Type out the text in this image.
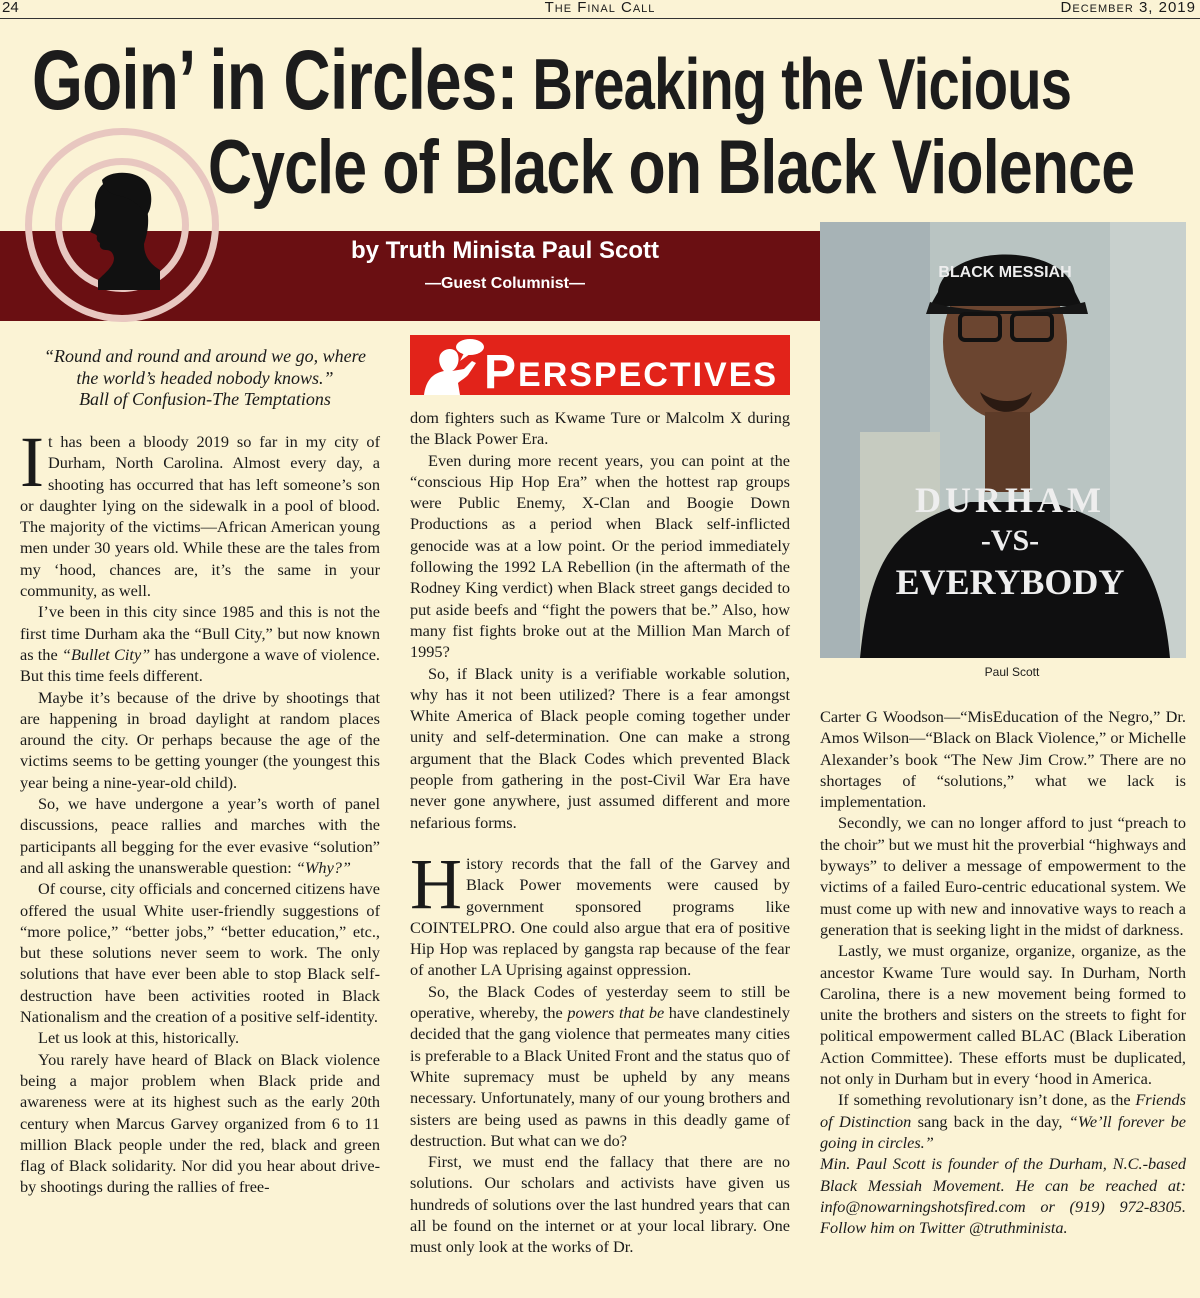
24	The Final Call	December 3, 2019
Goin’ in Circles: Breaking the Vicious
Cycle of Black on Black Violence
by Truth Minista Paul Scott
—Guest Columnist—
BLACK MESSIAH
DURHAM
-VS-
EVERYBODY
Paul Scott
“Round and round and around we go, where
the world’s headed nobody knows.”
Ball of Confusion-The Temptations
PERSPECTIVES

It has been a bloody 2019 so far in my city of Durham, North Carolina. Almost every day, a shooting has occurred that has left someone’s son or daughter lying on the sidewalk in a pool of blood. The majority of the victims—African American young men under 30 years old. While these are the tales from my ‘hood, chances are, it’s the same in your community, as well.

I’ve been in this city since 1985 and this is not the first time Durham aka the “Bull City,” but now known as the “Bullet City” has undergone a wave of violence. But this time feels different.

Maybe it’s because of the drive by shootings that are happening in broad daylight at random places around the city. Or perhaps because the age of the victims seems to be getting younger (the youngest this year being a nine-year-old child).

So, we have undergone a year’s worth of panel discussions, peace rallies and marches with the participants all begging for the ever evasive “solution” and all asking the unanswerable question: “Why?”

Of course, city officials and concerned citizens have offered the usual White user-friendly suggestions of “more police,” “better jobs,” “better education,” etc., but these solutions never seem to work. The only solutions that have ever been able to stop Black self-destruction have been activities rooted in Black Nationalism and the creation of a positive self-identity.

Let us look at this, historically.

You rarely have heard of Black on Black violence being a major problem when Black pride and awareness were at its highest such as the early 20th century when Marcus Garvey organized from 6 to 11 million Black people under the red, black and green flag of Black solidarity. Nor did you hear about drive-by shootings during the rallies of free-

dom fighters such as Kwame Ture or Malcolm X during the Black Power Era.

Even during more recent years, you can point at the “conscious Hip Hop Era” when the hottest rap groups were Public Enemy, X-Clan and Boogie Down Productions as a period when Black self-inflicted genocide was at a low point. Or the period immediately following the 1992 LA Rebellion (in the aftermath of the Rodney King verdict) when Black street gangs decided to put aside beefs and “fight the powers that be.” Also, how many fist fights broke out at the Million Man March of 1995?

So, if Black unity is a verifiable workable solution, why has it not been utilized? There is a fear amongst White America of Black people coming together under unity and self-determination. One can make a strong argument that the Black Codes which prevented Black people from gathering in the post-Civil War Era have never gone anywhere, just assumed different and more nefarious forms.

History records that the fall of the Garvey and Black Power movements were caused by government sponsored programs like COINTELPRO. One could also argue that era of positive Hip Hop was replaced by gangsta rap because of the fear of another LA Uprising against oppression.

So, the Black Codes of yesterday seem to still be operative, whereby, the powers that be have clandestinely decided that the gang violence that permeates many cities is preferable to a Black United Front and the status quo of White supremacy must be upheld by any means necessary. Unfortunately, many of our young brothers and sisters are being used as pawns in this deadly game of destruction. But what can we do?

First, we must end the fallacy that there are no solutions. Our scholars and activists have given us hundreds of solutions over the last hundred years that can all be found on the internet or at your local library. One must only look at the works of Dr.

Carter G Woodson—“MisEducation of the Negro,” Dr. Amos Wilson—“Black on Black Violence,” or Michelle Alexander’s book “The New Jim Crow.” There are no shortages of “solutions,” what we lack is implementation.

Secondly, we can no longer afford to just “preach to the choir” but we must hit the proverbial “highways and byways” to deliver a message of empowerment to the victims of a failed Euro-centric educational system. We must come up with new and innovative ways to reach a generation that is seeking light in the midst of darkness.

Lastly, we must organize, organize, organize, as the ancestor Kwame Ture would say. In Durham, North Carolina, there is a new movement being formed to unite the brothers and sisters on the streets to fight for political empowerment called BLAC (Black Liberation Action Committee). These efforts must be duplicated, not only in Durham but in every ‘hood in America.

If something revolutionary isn’t done, as the Friends of Distinction sang back in the day, “We’ll forever be going in circles.”

Min. Paul Scott is founder of the Durham, N.C.-based Black Messiah Movement. He can be reached at: info@nowarningshotsfired.com or (919) 972-8305. Follow him on Twitter @truthminista.
